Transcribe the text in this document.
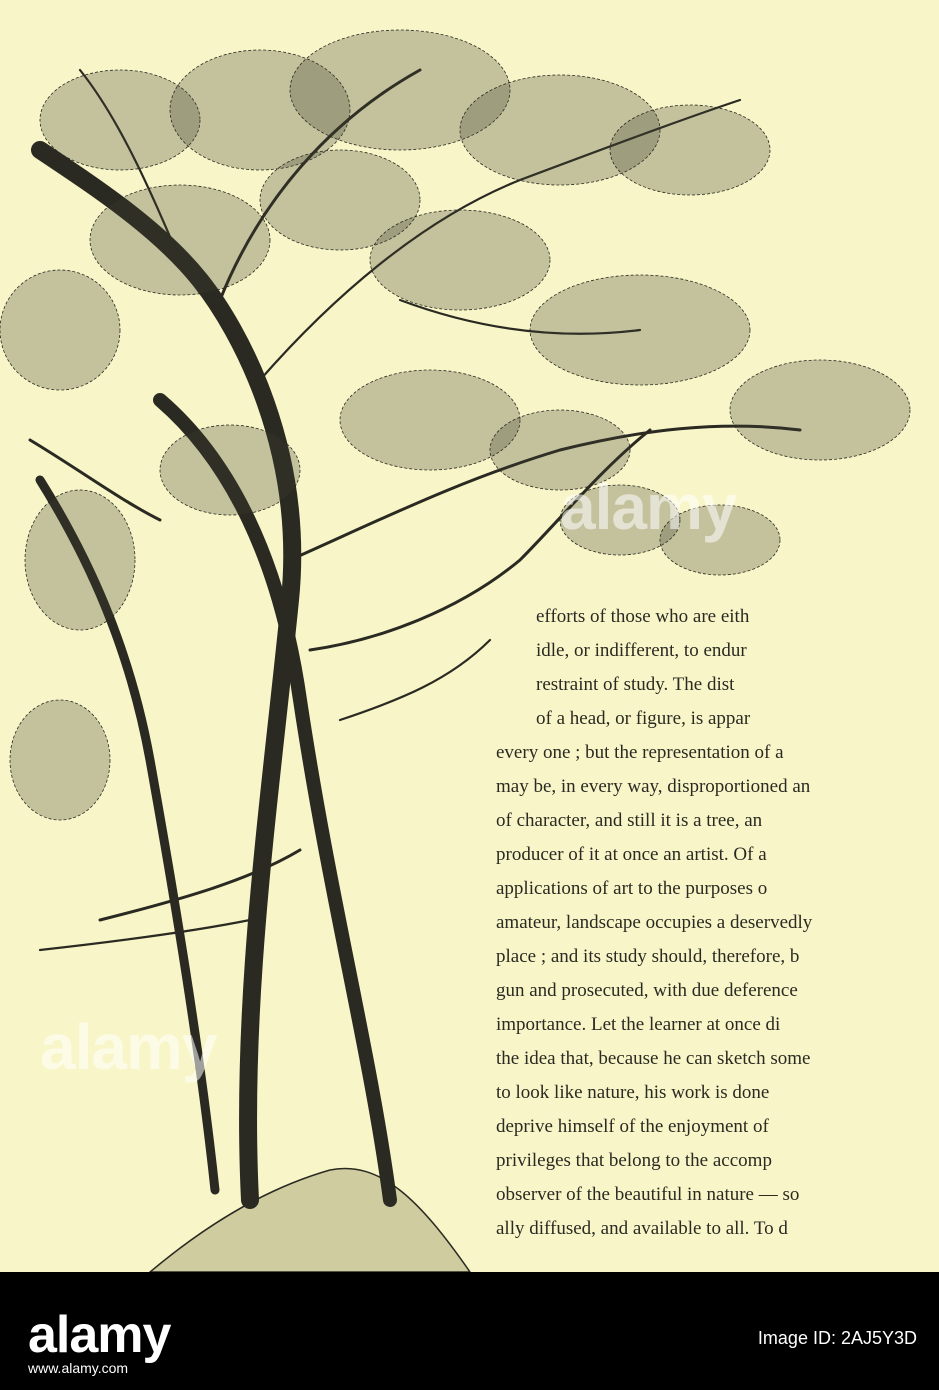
alamy
alamy
efforts of those who are eith
idle, or indifferent, to endur
restraint of study. The dist
of a head, or figure, is appar
every one ; but the representation of a
may be, in every way, disproportioned an
of character, and still it is a tree, an
producer of it at once an artist. Of a
applications of art to the purposes o
amateur, landscape occupies a deservedly
place ; and its study should, therefore, b
gun and prosecuted, with due deference
importance. Let the learner at once di
the idea that, because he can sketch some
to look like nature, his work is done
deprive himself of the enjoyment of
privileges that belong to the accomp
observer of the beautiful in nature — so
ally diffused, and available to all. To d
alamy
www.alamy.com
Image ID: 2AJ5Y3D
